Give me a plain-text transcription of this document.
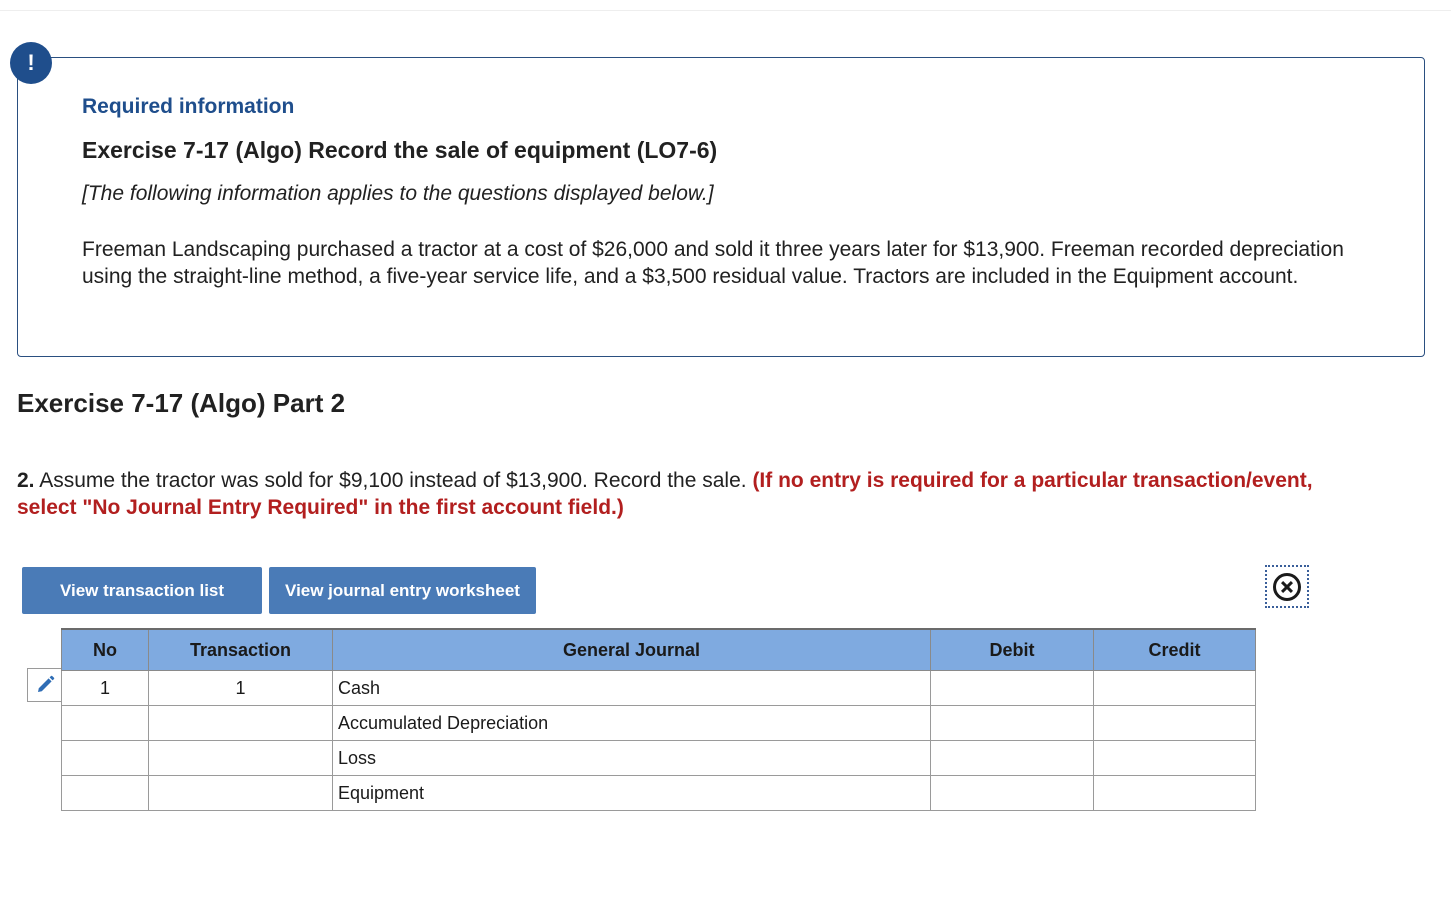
!
Required information
Exercise 7-17 (Algo) Record the sale of equipment (LO7-6)
[The following information applies to the questions displayed below.]
Freeman Landscaping purchased a tractor at a cost of $26,000 and sold it three years later for $13,900. Freeman recorded depreciation using the straight-line method, a five-year service life, and a $3,500 residual value. Tractors are included in the Equipment account.
Exercise 7-17 (Algo) Part 2
2. Assume the tractor was sold for $9,100 instead of $13,900. Record the sale. (If no entry is required for a particular transaction/event, select "No Journal Entry Required" in the first account field.)
View transaction list	View journal entry worksheet
No	Transaction	General Journal	Debit	Credit
1	1	Cash		
		Accumulated Depreciation		
		Loss		
		Equipment		
